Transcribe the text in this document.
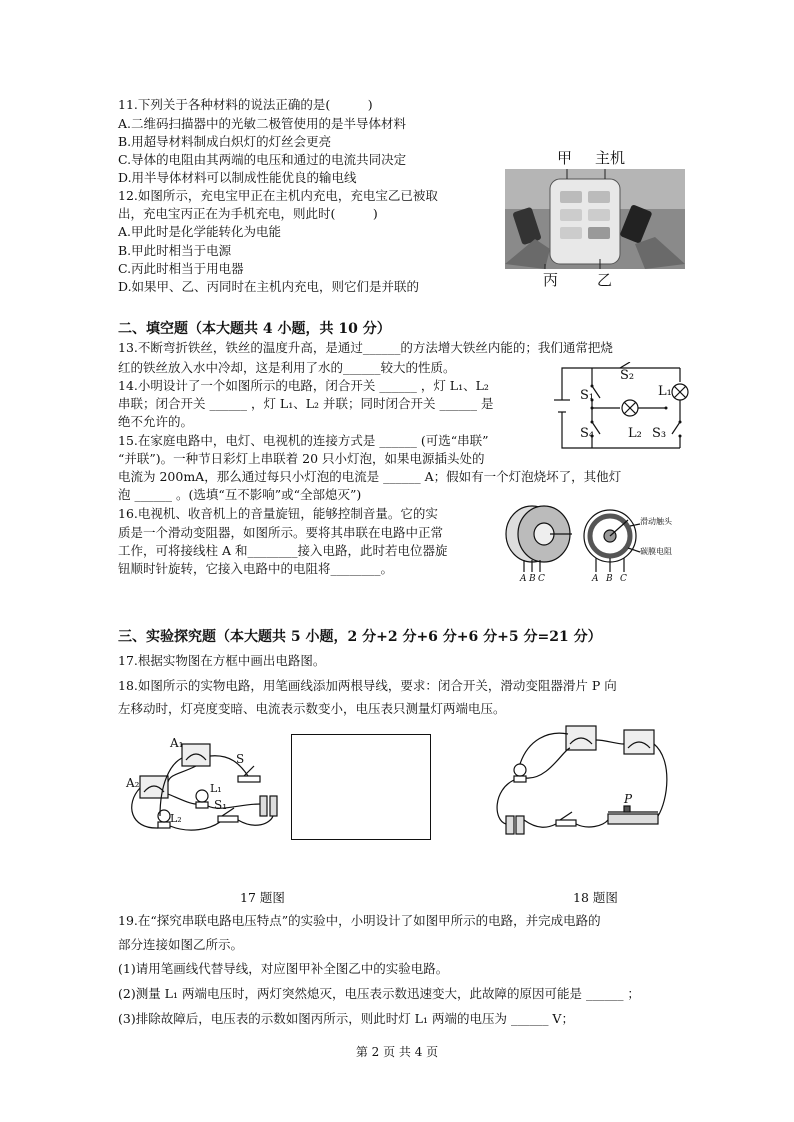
11.下列关于各种材料的说法正确的是(　　　)
A.二维码扫描器中的光敏二极管使用的是半导体材料
B.用超导材料制成白炽灯的灯丝会更亮
C.导体的电阻由其两端的电压和通过的电流共同决定
D.用半导体材料可以制成性能优良的输电线
12.如图所示，充电宝甲正在主机内充电，充电宝乙已被取
出，充电宝丙正在为手机充电，则此时(　　　)
A.甲此时是化学能转化为电能
B.甲此时相当于电源
C.丙此时相当于用电器
D.如果甲、乙、丙同时在主机内充电，则它们是并联的
甲 主机
丙	乙
二、填空题（本大题共 4 小题，共 10 分）
13.不断弯折铁丝，铁丝的温度升高，是通过______的方法增大铁丝内能的；我们通常把烧
红的铁丝放入水中冷却，这是利用了水的______较大的性质。
14.小明设计了一个如图所示的电路，闭合开关 ______ ，灯 L₁、L₂
串联；闭合开关 ______ ，灯 L₁、L₂ 并联；同时闭合开关 ______ 是
绝不允许的。
S₂
L₁
S₁
S₄	L₂ S₃
15.在家庭电路中，电灯、电视机的连接方式是 ______ (可选“串联”
“并联”)。一种节日彩灯上串联着 20 只小灯泡，如果电源插头处的
电流为 200mA，那么通过每只小灯泡的电流是 ______ A；假如有一个灯泡烧坏了，其他灯
泡 ______ 。(选填“互不影响”或“全部熄灭”)
16.电视机、收音机上的音量旋钮，能够控制音量。它的实
质是一个滑动变阻器，如图所示。要将其串联在电路中正常
工作，可将接线柱 A 和________接入电路，此时若电位器旋
钮顺时针旋转，它接入电路中的电阻将________。
滑动触头
碳膜电阻
A B C	A B C
三、实验探究题（本大题共 5 小题，2 分+2 分+6 分+6 分+5 分=21 分）
17.根据实物图在方框中画出电路图。
18.如图所示的实物电路，用笔画线添加两根导线，要求：闭合开关，滑动变阻器滑片 P 向
左移动时，灯亮度变暗、电流表示数变小，电压表只测量灯两端电压。
A₁
A₂
S
S₁
L₁
L₂
P
17 题图	18 题图
19.在“探究串联电路电压特点”的实验中，小明设计了如图甲所示的电路，并完成电路的
部分连接如图乙所示。
(1)请用笔画线代替导线，对应图甲补全图乙中的实验电路。
(2)测量 L₁ 两端电压时，两灯突然熄灭，电压表示数迅速变大，此故障的原因可能是 ______ ；
(3)排除故障后，电压表的示数如图丙所示，则此时灯 L₁ 两端的电压为 ______ V；
第 2 页 共 4 页
